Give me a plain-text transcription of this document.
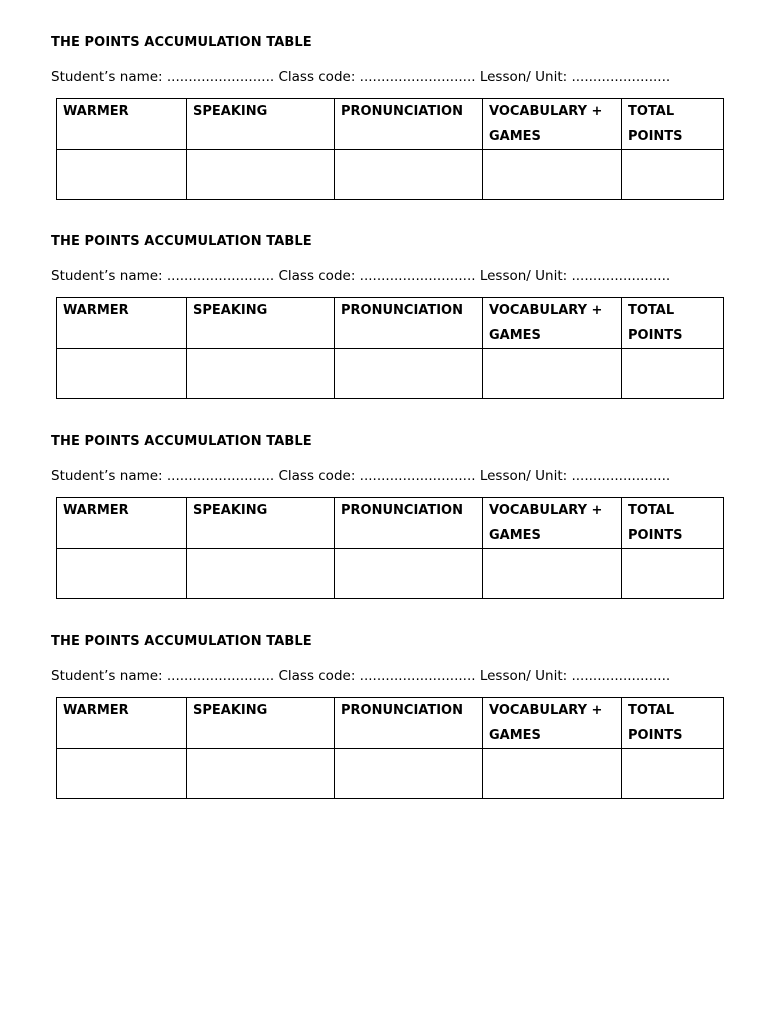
THE POINTS ACCUMULATION TABLE
Student’s name: ......................... Class code: ........................... Lesson/ Unit: .......................
WARMER	SPEAKING	PRONUNCIATION	VOCABULARY + GAMES	TOTAL POINTS

THE POINTS ACCUMULATION TABLE
Student’s name: ......................... Class code: ........................... Lesson/ Unit: .......................
WARMER	SPEAKING	PRONUNCIATION	VOCABULARY + GAMES	TOTAL POINTS

THE POINTS ACCUMULATION TABLE
Student’s name: ......................... Class code: ........................... Lesson/ Unit: .......................
WARMER	SPEAKING	PRONUNCIATION	VOCABULARY + GAMES	TOTAL POINTS

THE POINTS ACCUMULATION TABLE
Student’s name: ......................... Class code: ........................... Lesson/ Unit: .......................
WARMER	SPEAKING	PRONUNCIATION	VOCABULARY + GAMES	TOTAL POINTS
